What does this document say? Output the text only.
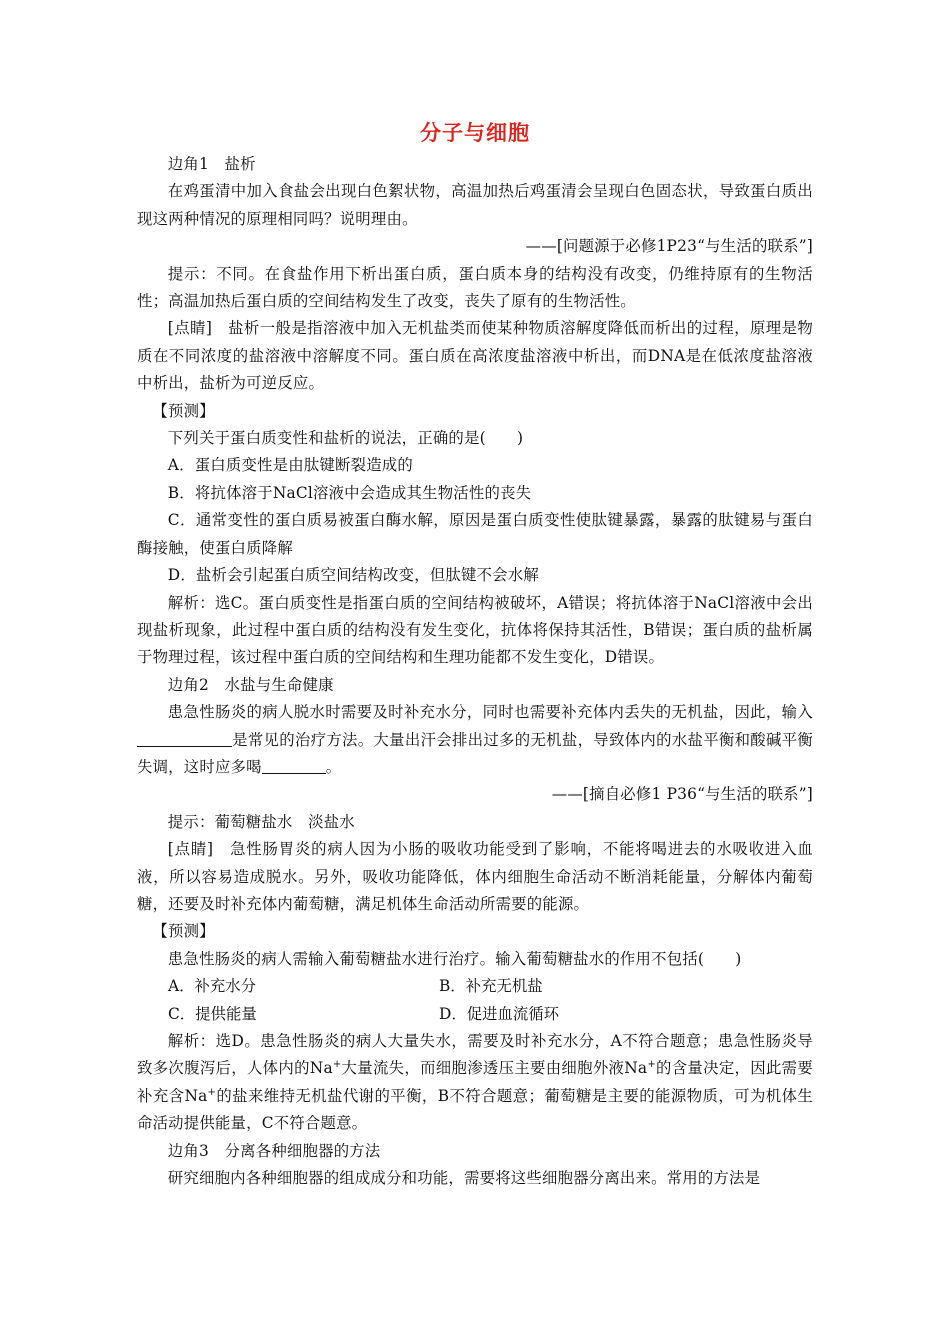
分子与细胞

边角1　盐析

在鸡蛋清中加入食盐会出现白色絮状物，高温加热后鸡蛋清会呈现白色固态状，导致蛋白质出现这两种情况的原理相同吗？说明理由。

——[问题源于必修1P23“与生活的联系”]

提示：不同。在食盐作用下析出蛋白质，蛋白质本身的结构没有改变，仍维持原有的生物活性；高温加热后蛋白质的空间结构发生了改变，丧失了原有的生物活性。

[点睛]　盐析一般是指溶液中加入无机盐类而使某种物质溶解度降低而析出的过程，原理是物质在不同浓度的盐溶液中溶解度不同。蛋白质在高浓度盐溶液中析出，而DNA是在低浓度盐溶液中析出，盐析为可逆反应。

【预测】

下列关于蛋白质变性和盐析的说法，正确的是(　　)

A．蛋白质变性是由肽键断裂造成的

B．将抗体溶于NaCl溶液中会造成其生物活性的丧失

C．通常变性的蛋白质易被蛋白酶水解，原因是蛋白质变性使肽键暴露，暴露的肽键易与蛋白酶接触，使蛋白质降解

D．盐析会引起蛋白质空间结构改变，但肽键不会水解

解析：选C。蛋白质变性是指蛋白质的空间结构被破坏，A错误；将抗体溶于NaCl溶液中会出现盐析现象，此过程中蛋白质的结构没有发生变化，抗体将保持其活性，B错误；蛋白质的盐析属于物理过程，该过程中蛋白质的空间结构和生理功能都不发生变化，D错误。

边角2　水盐与生命健康

患急性肠炎的病人脱水时需要及时补充水分，同时也需要补充体内丢失的无机盐，因此，输入是常见的治疗方法。大量出汗会排出过多的无机盐，导致体内的水盐平衡和酸碱平衡失调，这时应多喝	。

——[摘自必修1 P36“与生活的联系”]

提示：葡萄糖盐水　淡盐水

[点睛]　急性肠胃炎的病人因为小肠的吸收功能受到了影响，不能将喝进去的水吸收进入血液，所以容易造成脱水。另外，吸收功能降低，体内细胞生命活动不断消耗能量，分解体内葡萄糖，还要及时补充体内葡萄糖，满足机体生命活动所需要的能源。

【预测】

患急性肠炎的病人需输入葡萄糖盐水进行治疗。输入葡萄糖盐水的作用不包括(　　)

A．补充水分	B．补充无机盐
C．提供能量	D．促进血流循环

解析：选D。患急性肠炎的病人大量失水，需要及时补充水分，A不符合题意；患急性肠炎导致多次腹泻后，人体内的Na+大量流失，而细胞渗透压主要由细胞外液Na+的含量决定，因此需要补充含Na+的盐来维持无机盐代谢的平衡，B不符合题意；葡萄糖是主要的能源物质，可为机体生命活动提供能量，C不符合题意。

边角3　分离各种细胞器的方法

研究细胞内各种细胞器的组成成分和功能，需要将这些细胞器分离出来。常用的方法是
